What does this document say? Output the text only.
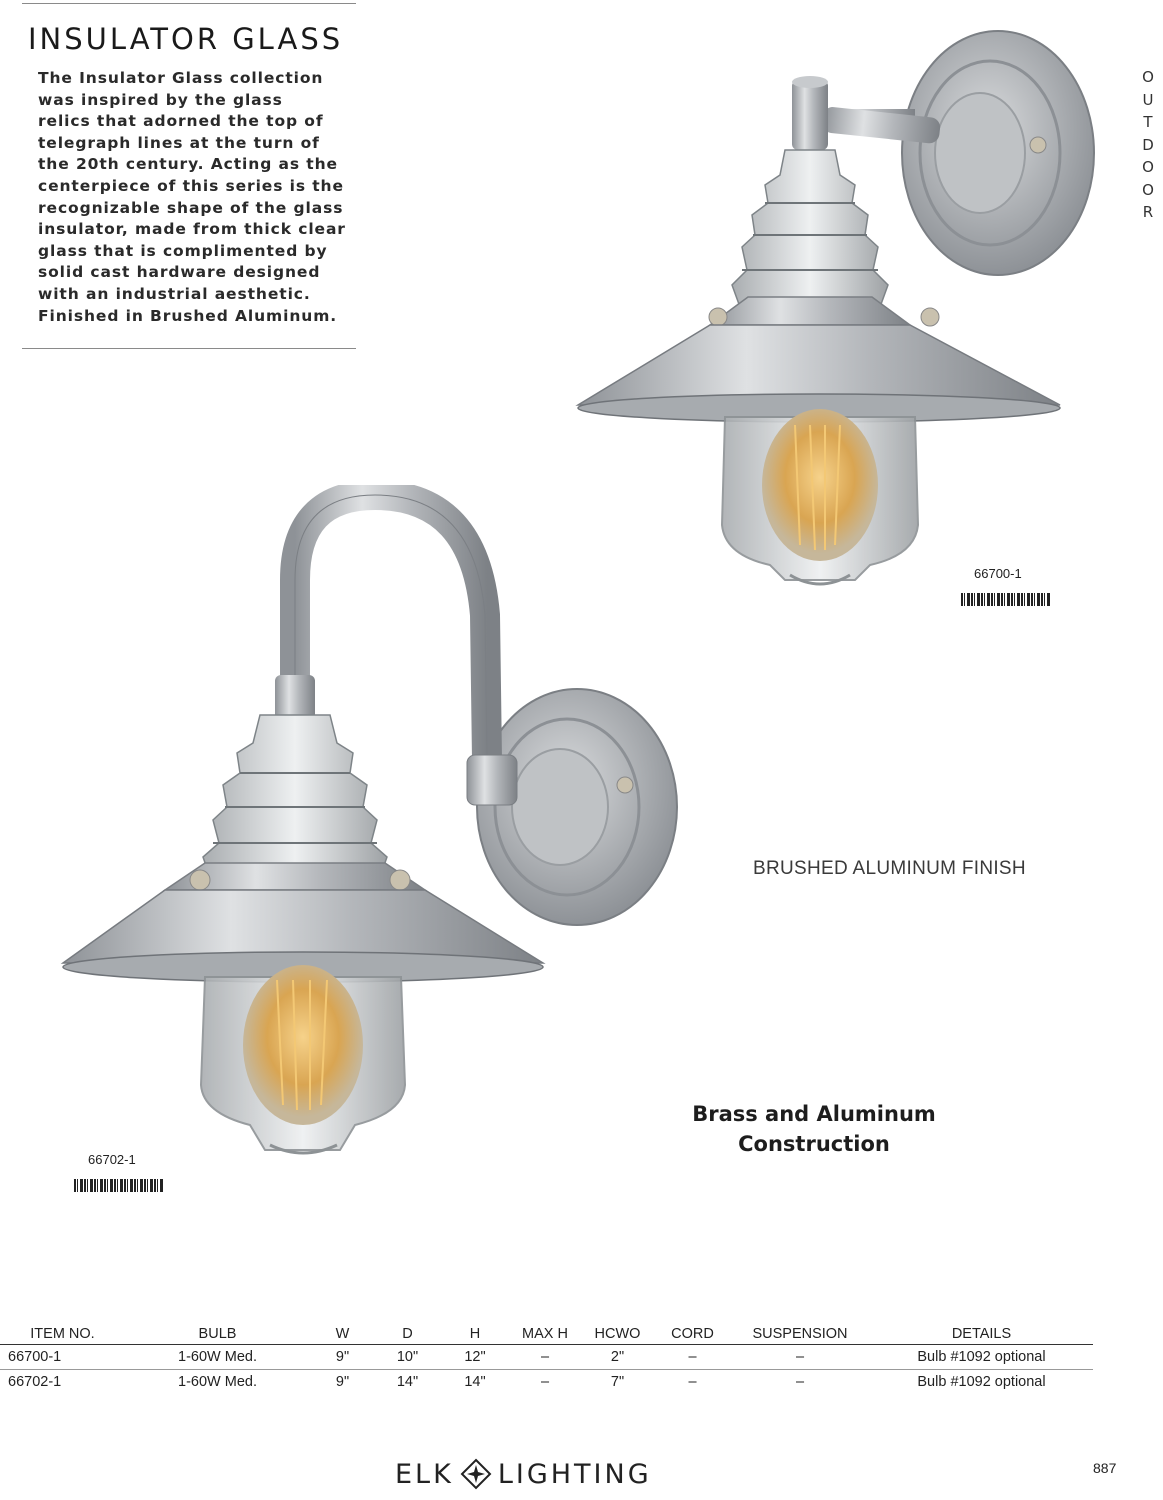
INSULATOR GLASS
The Insulator Glass collection
was inspired by the glass
relics that adorned the top of
telegraph lines at the turn of
the 20th century. Acting as the
centerpiece of this series is the
recognizable shape of the glass
insulator, made from thick clear
glass that is complimented by
solid cast hardware designed
with an industrial aesthetic.
Finished in Brushed Aluminum.
O
U
T
D
O
O
R
66700-1
66702-1
BRUSHED ALUMINUM FINISH
Brass and Aluminum
Construction
ITEM NO.	BULB	W	D	H	MAX H	HCWO	CORD	SUSPENSION	DETAILS
66700-1	1-60W Med.	9"	10"	12"	–	2"	–	–	Bulb #1092 optional
66702-1	1-60W Med.	9"	14"	14"	–	7"	–	–	Bulb #1092 optional
ELK LIGHTING	887
